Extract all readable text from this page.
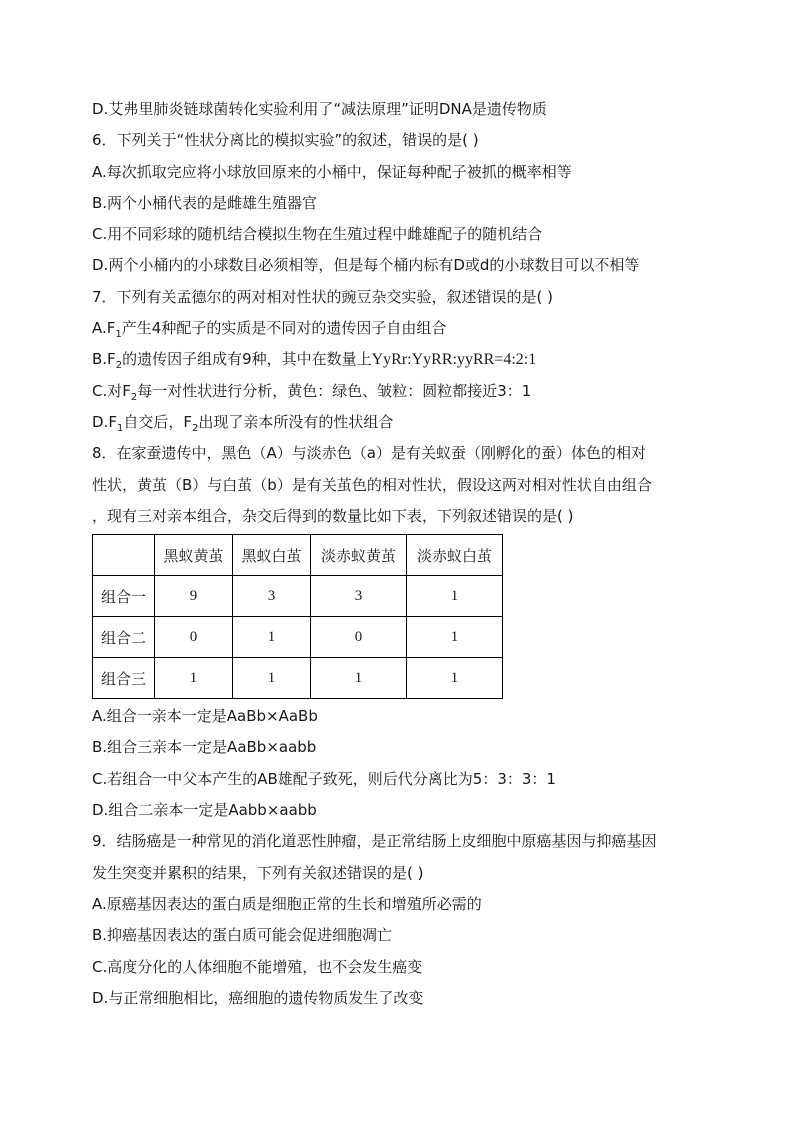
D.艾弗里肺炎链球菌转化实验利用了“减法原理”证明DNA是遗传物质
6．下列关于“性状分离比的模拟实验”的叙述，错误的是( )
A.每次抓取完应将小球放回原来的小桶中，保证每种配子被抓的概率相等
B.两个小桶代表的是雌雄生殖器官
C.用不同彩球的随机结合模拟生物在生殖过程中雌雄配子的随机结合
D.两个小桶内的小球数目必须相等，但是每个桶内标有D或d的小球数目可以不相等
7．下列有关孟德尔的两对相对性状的豌豆杂交实验，叙述错误的是( )
$A.F_1$产生4种配子的实质是不同对的遗传因子自由组合
$B.F_2$的遗传因子组成有9种，其中在数量上YyRr:YyRR:yyRR=4:2:1
C.对$F_2$每一对性状进行分析，黄色：绿色、皱粒：圆粒都接近3：1
$D.F_1$自交后，$F_2$出现了亲本所没有的性状组合
8．在家蚕遗传中，黑色（A）与淡赤色（a）是有关蚁蚕（刚孵化的蚕）体色的相对
性状，黄茧（B）与白茧（b）是有关茧色的相对性状，假设这两对相对性状自由组合
，现有三对亲本组合，杂交后得到的数量比如下表，下列叙述错误的是( )
	黑蚁黄茧	黑蚁白茧	淡赤蚁黄茧	淡赤蚁白茧
组合一	9	3	3	1
组合二	0	1	0	1
组合三	1	1	1	1
A.组合一亲本一定是AaBb×AaBb
B.组合三亲本一定是AaBb×aabb
C.若组合一中父本产生的AB雄配子致死，则后代分离比为5：3：3：1
D.组合二亲本一定是Aabb×aabb
9．结肠癌是一种常见的消化道恶性肿瘤，是正常结肠上皮细胞中原癌基因与抑癌基因
发生突变并累积的结果，下列有关叙述错误的是( )
A.原癌基因表达的蛋白质是细胞正常的生长和增殖所必需的
B.抑癌基因表达的蛋白质可能会促进细胞凋亡
C.高度分化的人体细胞不能增殖，也不会发生癌变
D.与正常细胞相比，癌细胞的遗传物质发生了改变
